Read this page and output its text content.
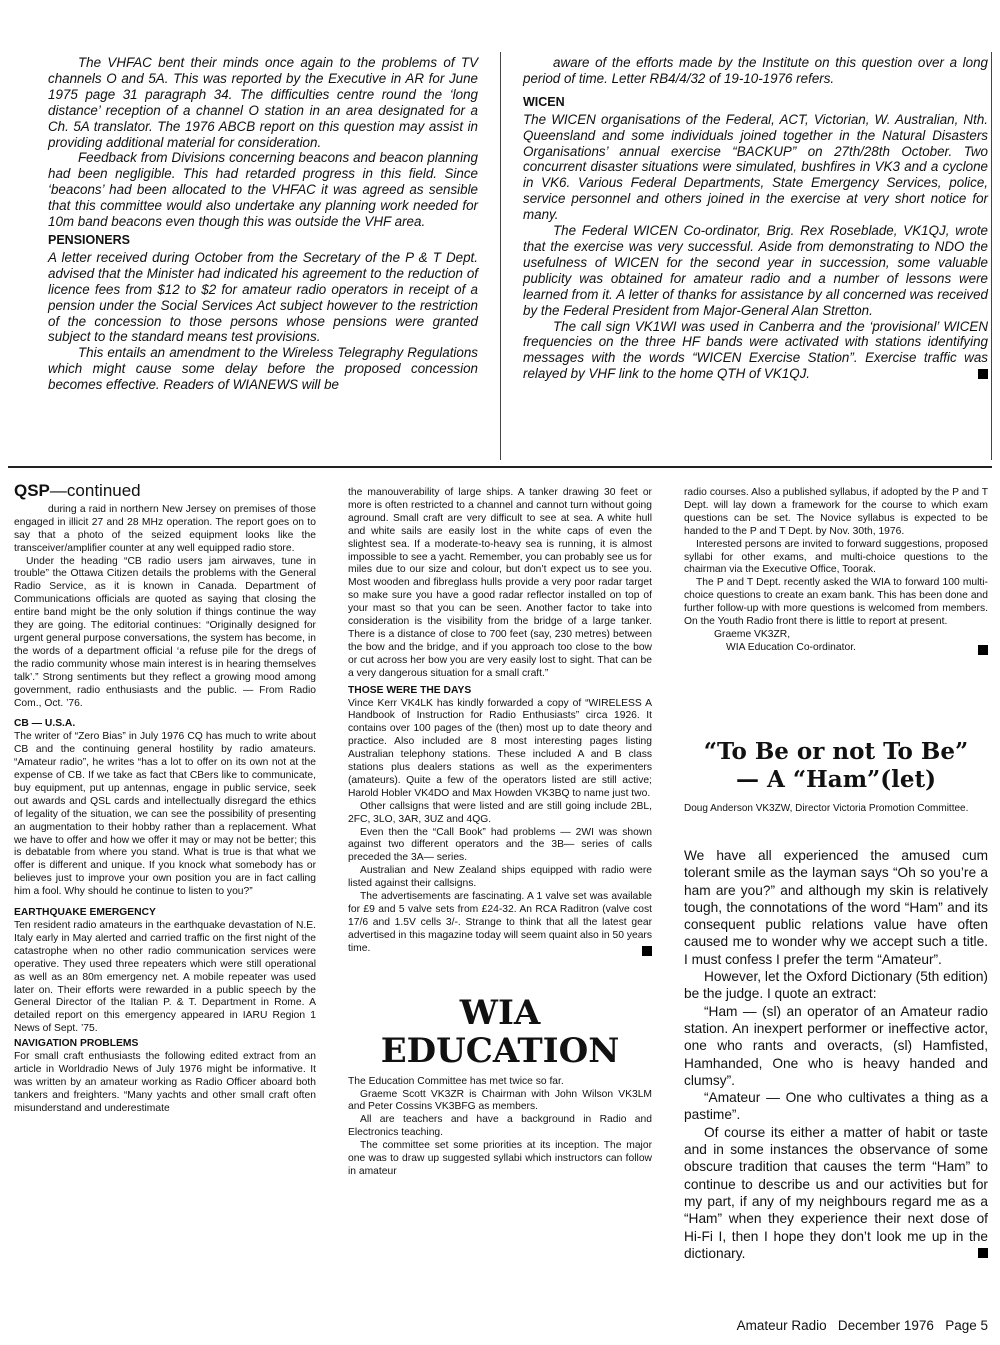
The VHFAC bent their minds once again to the problems of TV channels O and 5A. This was reported by the Executive in AR for June 1975 page 31 paragraph 34. The difficulties centre round the ‘long distance’ reception of a channel O station in an area designated for a Ch. 5A translator. The 1976 ABCB report on this question may assist in providing additional material for consideration.

Feedback from Divisions concerning beacons and beacon planning had been negligible. This had retarded progress in this field. Since ‘beacons’ had been allocated to the VHFAC it was agreed as sensible that this committee would also undertake any planning work needed for 10m band beacons even though this was outside the VHF area.

PENSIONERS

A letter received during October from the Secretary of the P & T Dept. advised that the Minister had indicated his agreement to the reduction of licence fees from $12 to $2 for amateur radio operators in receipt of a pension under the Social Services Act subject however to the restriction of the concession to those persons whose pensions were granted subject to the standard means test provisions.

This entails an amendment to the Wireless Telegraphy Regulations which might cause some delay before the proposed concession becomes effective. Readers of WIANEWS will be

aware of the efforts made by the Institute on this question over a long period of time. Letter RB4/4/32 of 19-10-1976 refers.

WICEN

The WICEN organisations of the Federal, ACT, Victorian, W. Australian, Nth. Queensland and some individuals joined together in the Natural Disasters Organisations’ annual exercise “BACKUP” on 27th/28th October. Two concurrent disaster situations were simulated, bushfires in VK3 and a cyclone in VK6. Various Federal Departments, State Emergency Services, police, service personnel and others joined in the exercise at very short notice for many.

The Federal WICEN Co-ordinator, Brig. Rex Roseblade, VK1QJ, wrote that the exercise was very successful. Aside from demonstrating to NDO the usefulness of WICEN for the second year in succession, some valuable publicity was obtained for amateur radio and a number of lessons were learned from it. A letter of thanks for assistance by all concerned was received by the Federal President from Major-General Alan Stretton.

The call sign VK1WI was used in Canberra and the ‘provisional’ WICEN frequencies on the three HF bands were activated with stations identifying messages with the words “WICEN Exercise Station”. Exercise traffic was relayed by VHF link to the home QTH of VK1QJ.

QSP—continued

during a raid in northern New Jersey on premises of those engaged in illicit 27 and 28 MHz operation. The report goes on to say that a photo of the seized equipment looks like the transceiver/amplifier counter at any well equipped radio store.

Under the heading “CB radio users jam airwaves, tune in trouble” the Ottawa Citizen details the problems with the General Radio Service, as it is known in Canada. Department of Communications officials are quoted as saying that closing the entire band might be the only solution if things continue the way they are going. The editorial continues: “Originally designed for urgent general purpose conversations, the system has become, in the words of a department official ‘a refuse pile for the dregs of the radio community whose main interest is in hearing themselves talk’.” Strong sentiments but they reflect a growing mood among government, radio enthusiasts and the public. — From Radio Com., Oct. ’76.

CB — U.S.A.

The writer of “Zero Bias” in July 1976 CQ has much to write about CB and the continuing general hostility by radio amateurs. “Amateur radio”, he writes “has a lot to offer on its own not at the expense of CB. If we take as fact that CBers like to communicate, buy equipment, put up antennas, engage in public service, seek out awards and QSL cards and intellectually disregard the ethics of legality of the situation, we can see the possibility of presenting an augmentation to their hobby rather than a replacement. What we have to offer and how we offer it may or may not be better; this is debatable from where you stand. What is true is that what we offer is different and unique. If you knock what somebody has or believes just to improve your own position you are in fact calling him a fool. Why should he continue to listen to you?”

EARTHQUAKE EMERGENCY

Ten resident radio amateurs in the earthquake devastation of N.E. Italy early in May alerted and carried traffic on the first night of the catastrophe when no other radio communication services were operative. They used three repeaters which were still operational as well as an 80m emergency net. A mobile repeater was used later on. Their efforts were rewarded in a public speech by the General Director of the Italian P. & T. Department in Rome. A detailed report on this emergency appeared in IARU Region 1 News of Sept. ’75.

NAVIGATION PROBLEMS

For small craft enthusiasts the following edited extract from an article in Worldradio News of July 1976 might be informative. It was written by an amateur working as Radio Officer aboard both tankers and freighters. “Many yachts and other small craft often misunderstand and underestimate

the manouverability of large ships. A tanker drawing 30 feet or more is often restricted to a channel and cannot turn without going aground. Small craft are very difficult to see at sea. A white hull and white sails are easily lost in the white caps of even the slightest sea. If a moderate-to-heavy sea is running, it is almost impossible to see a yacht. Remember, you can probably see us for miles due to our size and colour, but don’t expect us to see you. Most wooden and fibreglass hulls provide a very poor radar target so make sure you have a good radar reflector installed on top of your mast so that you can be seen. Another factor to take into consideration is the visibility from the bridge of a large tanker. There is a distance of close to 700 feet (say, 230 metres) between the bow and the bridge, and if you approach too close to the bow or cut across her bow you are very easily lost to sight. That can be a very dangerous situation for a small craft.”

THOSE WERE THE DAYS

Vince Kerr VK4LK has kindly forwarded a copy of “WIRELESS A Handbook of Instruction for Radio Enthusiasts” circa 1926. It contains over 100 pages of the (then) most up to date theory and practice. Also included are 8 most interesting pages listing Australian telephony stations. These included A and B class stations plus dealers stations as well as the experimenters (amateurs). Quite a few of the operators listed are still active; Harold Hobler VK4DO and Max Howden VK3BQ to name just two.

Other callsigns that were listed and are still going include 2BL, 2FC, 3LO, 3AR, 3UZ and 4QG.

Even then the “Call Book” had problems — 2WI was shown against two different operators and the 3B— series of calls preceded the 3A— series.

Australian and New Zealand ships equipped with radio were listed against their callsigns.

The advertisements are fascinating. A 1 valve set was available for £9 and 5 valve sets from £24-32. An RCA Raditron (valve cost 17/6 and 1.5V cells 3/-. Strange to think that all the latest gear advertised in this magazine today will seem quaint also in 50 years time.

WIA
EDUCATION

The Education Committee has met twice so far.

Graeme Scott VK3ZR is Chairman with John Wilson VK3LM and Peter Cossins VK3BFG as members.

All are teachers and have a background in Radio and Electronics teaching.

The committee set some priorities at its inception. The major one was to draw up suggested syllabi which instructors can follow in amateur

radio courses. Also a published syllabus, if adopted by the P and T Dept. will lay down a framework for the course to which exam questions can be set. The Novice syllabus is expected to be handed to the P and T Dept. by Nov. 30th, 1976.

Interested persons are invited to forward suggestions, proposed syllabi for other exams, and multi-choice questions to the chairman via the Executive Office, Toorak.

The P and T Dept. recently asked the WIA to forward 100 multi-choice questions to create an exam bank. This has been done and further follow-up with more questions is welcomed from members. On the Youth Radio front there is little to report at present.

Graeme VK3ZR,

WIA Education Co-ordinator.

“To Be or not To Be”
— A “Ham”(let)
Doug Anderson VK3ZW, Director Victoria Promotion Committee.

We have all experienced the amused cum tolerant smile as the layman says “Oh so you’re a ham are you?” and although my skin is relatively tough, the connotations of the word “Ham” and its consequent public relations value have often caused me to wonder why we accept such a title. I must confess I prefer the term “Amateur”.

However, let the Oxford Dictionary (5th edition) be the judge. I quote an extract:

“Ham — (sl) an operator of an Amateur radio station. An inexpert performer or ineffective actor, one who rants and overacts, (sl) Hamfisted, Hamhanded, One who is heavy handed and clumsy”.

“Amateur — One who cultivates a thing as a pastime”.

Of course its either a matter of habit or taste and in some instances the observance of some obscure tradition that causes the term “Ham” to continue to describe us and our activities but for my part, if any of my neighbours regard me as a “Ham” when they experience their next dose of Hi-Fi I, then I hope they don’t look me up in the dictionary.

Amateur Radio December 1976 Page 5
